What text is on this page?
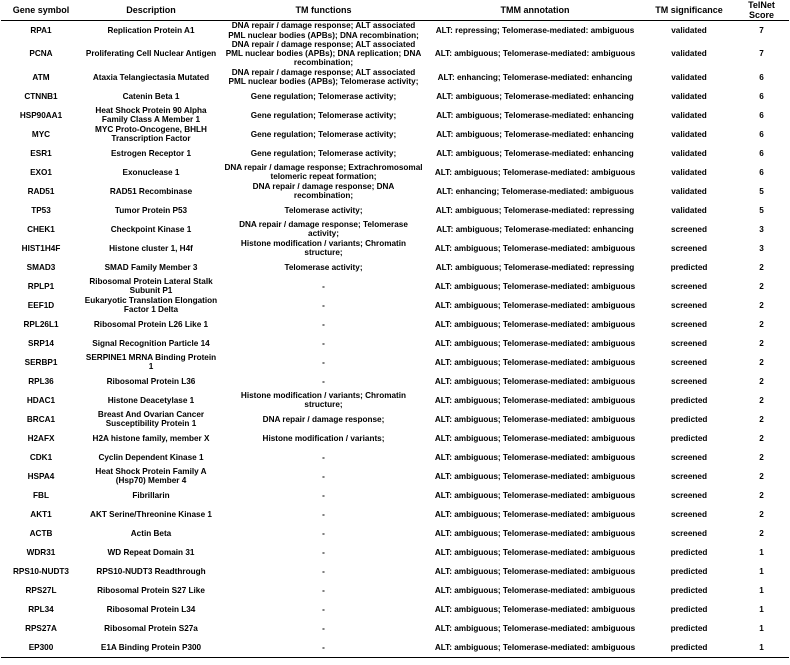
Gene symbol	Description	TM functions	TMM annotation	TM significance	TelNet Score
RPA1	Replication Protein A1	DNA repair / damage response; ALT associated PML nuclear bodies (APBs); DNA recombination;	ALT: repressing; Telomerase-mediated: ambiguous	validated	7
PCNA	Proliferating Cell Nuclear Antigen	DNA repair / damage response; ALT associated PML nuclear bodies (APBs); DNA replication; DNA recombination;	ALT: ambiguous; Telomerase-mediated: ambiguous	validated	7
ATM	Ataxia Telangiectasia Mutated	DNA repair / damage response; ALT associated PML nuclear bodies (APBs); Telomerase activity;	ALT: enhancing; Telomerase-mediated: enhancing	validated	6
CTNNB1	Catenin Beta 1	Gene regulation; Telomerase activity;	ALT: ambiguous; Telomerase-mediated: enhancing	validated	6
HSP90AA1	Heat Shock Protein 90 Alpha Family Class A Member 1	Gene regulation; Telomerase activity;	ALT: ambiguous; Telomerase-mediated: enhancing	validated	6
MYC	MYC Proto-Oncogene, BHLH Transcription Factor	Gene regulation; Telomerase activity;	ALT: ambiguous; Telomerase-mediated: enhancing	validated	6
ESR1	Estrogen Receptor 1	Gene regulation; Telomerase activity;	ALT: ambiguous; Telomerase-mediated: enhancing	validated	6
EXO1	Exonuclease 1	DNA repair / damage response; Extrachromosomal telomeric repeat formation;	ALT: ambiguous; Telomerase-mediated: ambiguous	validated	6
RAD51	RAD51 Recombinase	DNA repair / damage response; DNA recombination;	ALT: enhancing; Telomerase-mediated: ambiguous	validated	5
TP53	Tumor Protein P53	Telomerase activity;	ALT: ambiguous; Telomerase-mediated: repressing	validated	5
CHEK1	Checkpoint Kinase 1	DNA repair / damage response; Telomerase activity;	ALT: ambiguous; Telomerase-mediated: enhancing	screened	3
HIST1H4F	Histone cluster 1, H4f	Histone modification / variants; Chromatin structure;	ALT: ambiguous; Telomerase-mediated: ambiguous	screened	3
SMAD3	SMAD Family Member 3	Telomerase activity;	ALT: ambiguous; Telomerase-mediated: repressing	predicted	2
RPLP1	Ribosomal Protein Lateral Stalk Subunit P1	-	ALT: ambiguous; Telomerase-mediated: ambiguous	screened	2
EEF1D	Eukaryotic Translation Elongation Factor 1 Delta	-	ALT: ambiguous; Telomerase-mediated: ambiguous	screened	2
RPL26L1	Ribosomal Protein L26 Like 1	-	ALT: ambiguous; Telomerase-mediated: ambiguous	screened	2
SRP14	Signal Recognition Particle 14	-	ALT: ambiguous; Telomerase-mediated: ambiguous	screened	2
SERBP1	SERPINE1 MRNA Binding Protein 1	-	ALT: ambiguous; Telomerase-mediated: ambiguous	screened	2
RPL36	Ribosomal Protein L36	-	ALT: ambiguous; Telomerase-mediated: ambiguous	screened	2
HDAC1	Histone Deacetylase 1	Histone modification / variants; Chromatin structure;	ALT: ambiguous; Telomerase-mediated: ambiguous	predicted	2
BRCA1	Breast And Ovarian Cancer Susceptibility Protein 1	DNA repair / damage response;	ALT: ambiguous; Telomerase-mediated: ambiguous	predicted	2
H2AFX	H2A histone family, member X	Histone modification / variants;	ALT: ambiguous; Telomerase-mediated: ambiguous	predicted	2
CDK1	Cyclin Dependent Kinase 1	-	ALT: ambiguous; Telomerase-mediated: ambiguous	screened	2
HSPA4	Heat Shock Protein Family A (Hsp70) Member 4	-	ALT: ambiguous; Telomerase-mediated: ambiguous	screened	2
FBL	Fibrillarin	-	ALT: ambiguous; Telomerase-mediated: ambiguous	screened	2
AKT1	AKT Serine/Threonine Kinase 1	-	ALT: ambiguous; Telomerase-mediated: ambiguous	screened	2
ACTB	Actin Beta	-	ALT: ambiguous; Telomerase-mediated: ambiguous	screened	2
WDR31	WD Repeat Domain 31	-	ALT: ambiguous; Telomerase-mediated: ambiguous	predicted	1
RPS10-NUDT3	RPS10-NUDT3 Readthrough	-	ALT: ambiguous; Telomerase-mediated: ambiguous	predicted	1
RPS27L	Ribosomal Protein S27 Like	-	ALT: ambiguous; Telomerase-mediated: ambiguous	predicted	1
RPL34	Ribosomal Protein L34	-	ALT: ambiguous; Telomerase-mediated: ambiguous	predicted	1
RPS27A	Ribosomal Protein S27a	-	ALT: ambiguous; Telomerase-mediated: ambiguous	predicted	1
EP300	E1A Binding Protein P300	-	ALT: ambiguous; Telomerase-mediated: ambiguous	predicted	1
